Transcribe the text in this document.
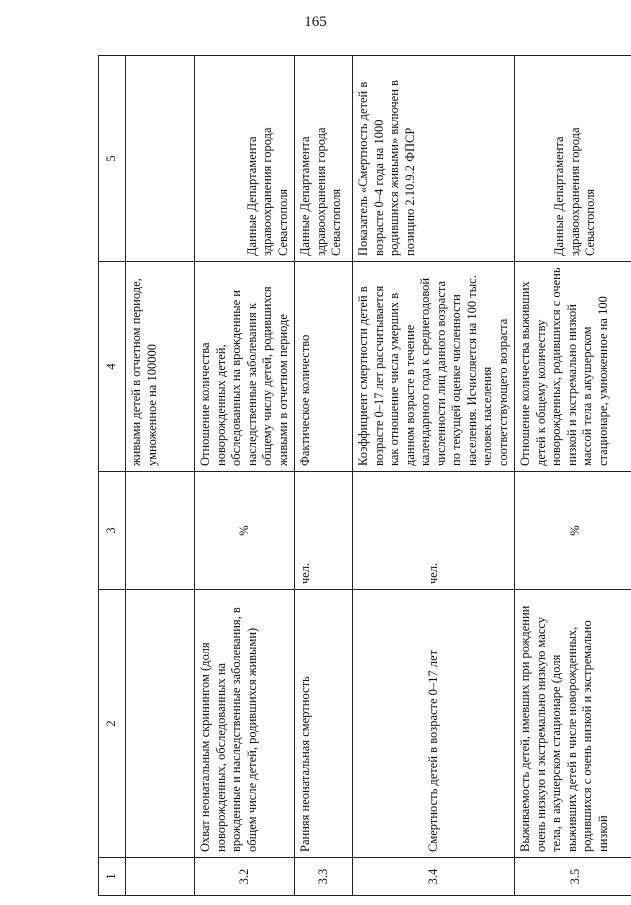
165
1	2	3	4	5
			живыми детей в отчетном периоде, умноженное на 100000	
3.2	Охват неонатальным скринингом (доля новорожденных, обследованных на врожденные и наследственные заболевания, в общем числе детей, родившихся живыми)	%	Отношение количества новорожденных детей, обследованных на врожденные и наследственные заболевания к общему числу детей, родившихся живыми в отчетном периоде	Данные Департамента здравоохранения города Севастополя
3.3	Ранняя неонатальная смертность	чел.	Фактическое количество	Данные Департамента здравоохранения города Севастополя
3.4	Смертность детей в возрасте 0–17 лет	чел.	Коэффициент смертности детей в возрасте 0–17 лет рассчитывается как отношение числа умерших в данном возрасте в течение календарного года к среднегодовой численности лиц данного возраста по текущей оценке численности населения. Исчисляется на 100 тыс. человек населения соответствующего возраста	Показатель «Смертность детей в возрасте 0–4 года на 1000 родившихся живыми» включен в позицию 2.10.9.2 ФПСР
3.5	Выживаемость детей, имевших при рождении очень низкую и экстремально низкую массу тела, в акушерском стационаре (доля выживших детей в числе новорожденных, родившихся с очень низкой и экстремально низкой	%	Отношение количества выживших детей к общему количеству новорожденных, родившихся с очень низкой и экстремально низкой массой тела в акушерском стационаре, умноженное на 100	Данные Департамента здравоохранения города Севастополя
